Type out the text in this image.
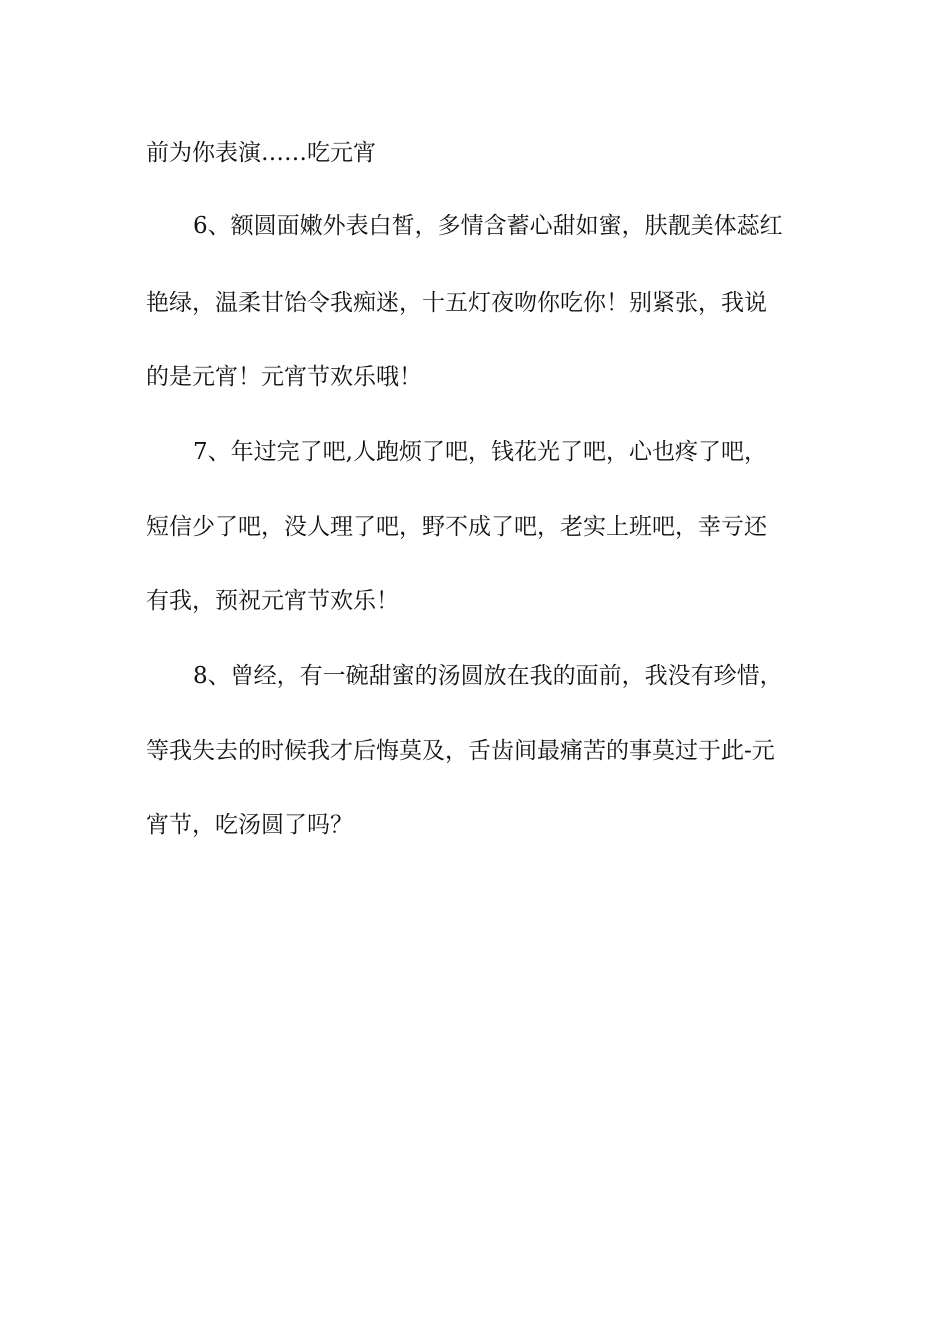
前为你表演……吃元宵
6、额圆面嫩外表白皙，多情含蓄心甜如蜜，肤靓美体蕊红
艳绿，温柔甘饴令我痴迷，十五灯夜吻你吃你！别紧张，我说
的是元宵！元宵节欢乐哦！
7、年过完了吧,人跑烦了吧，钱花光了吧，心也疼了吧，
短信少了吧，没人理了吧，野不成了吧，老实上班吧，幸亏还
有我，预祝元宵节欢乐！
8、曾经，有一碗甜蜜的汤圆放在我的面前，我没有珍惜，
等我失去的时候我才后悔莫及，舌齿间最痛苦的事莫过于此-元
宵节，吃汤圆了吗？
